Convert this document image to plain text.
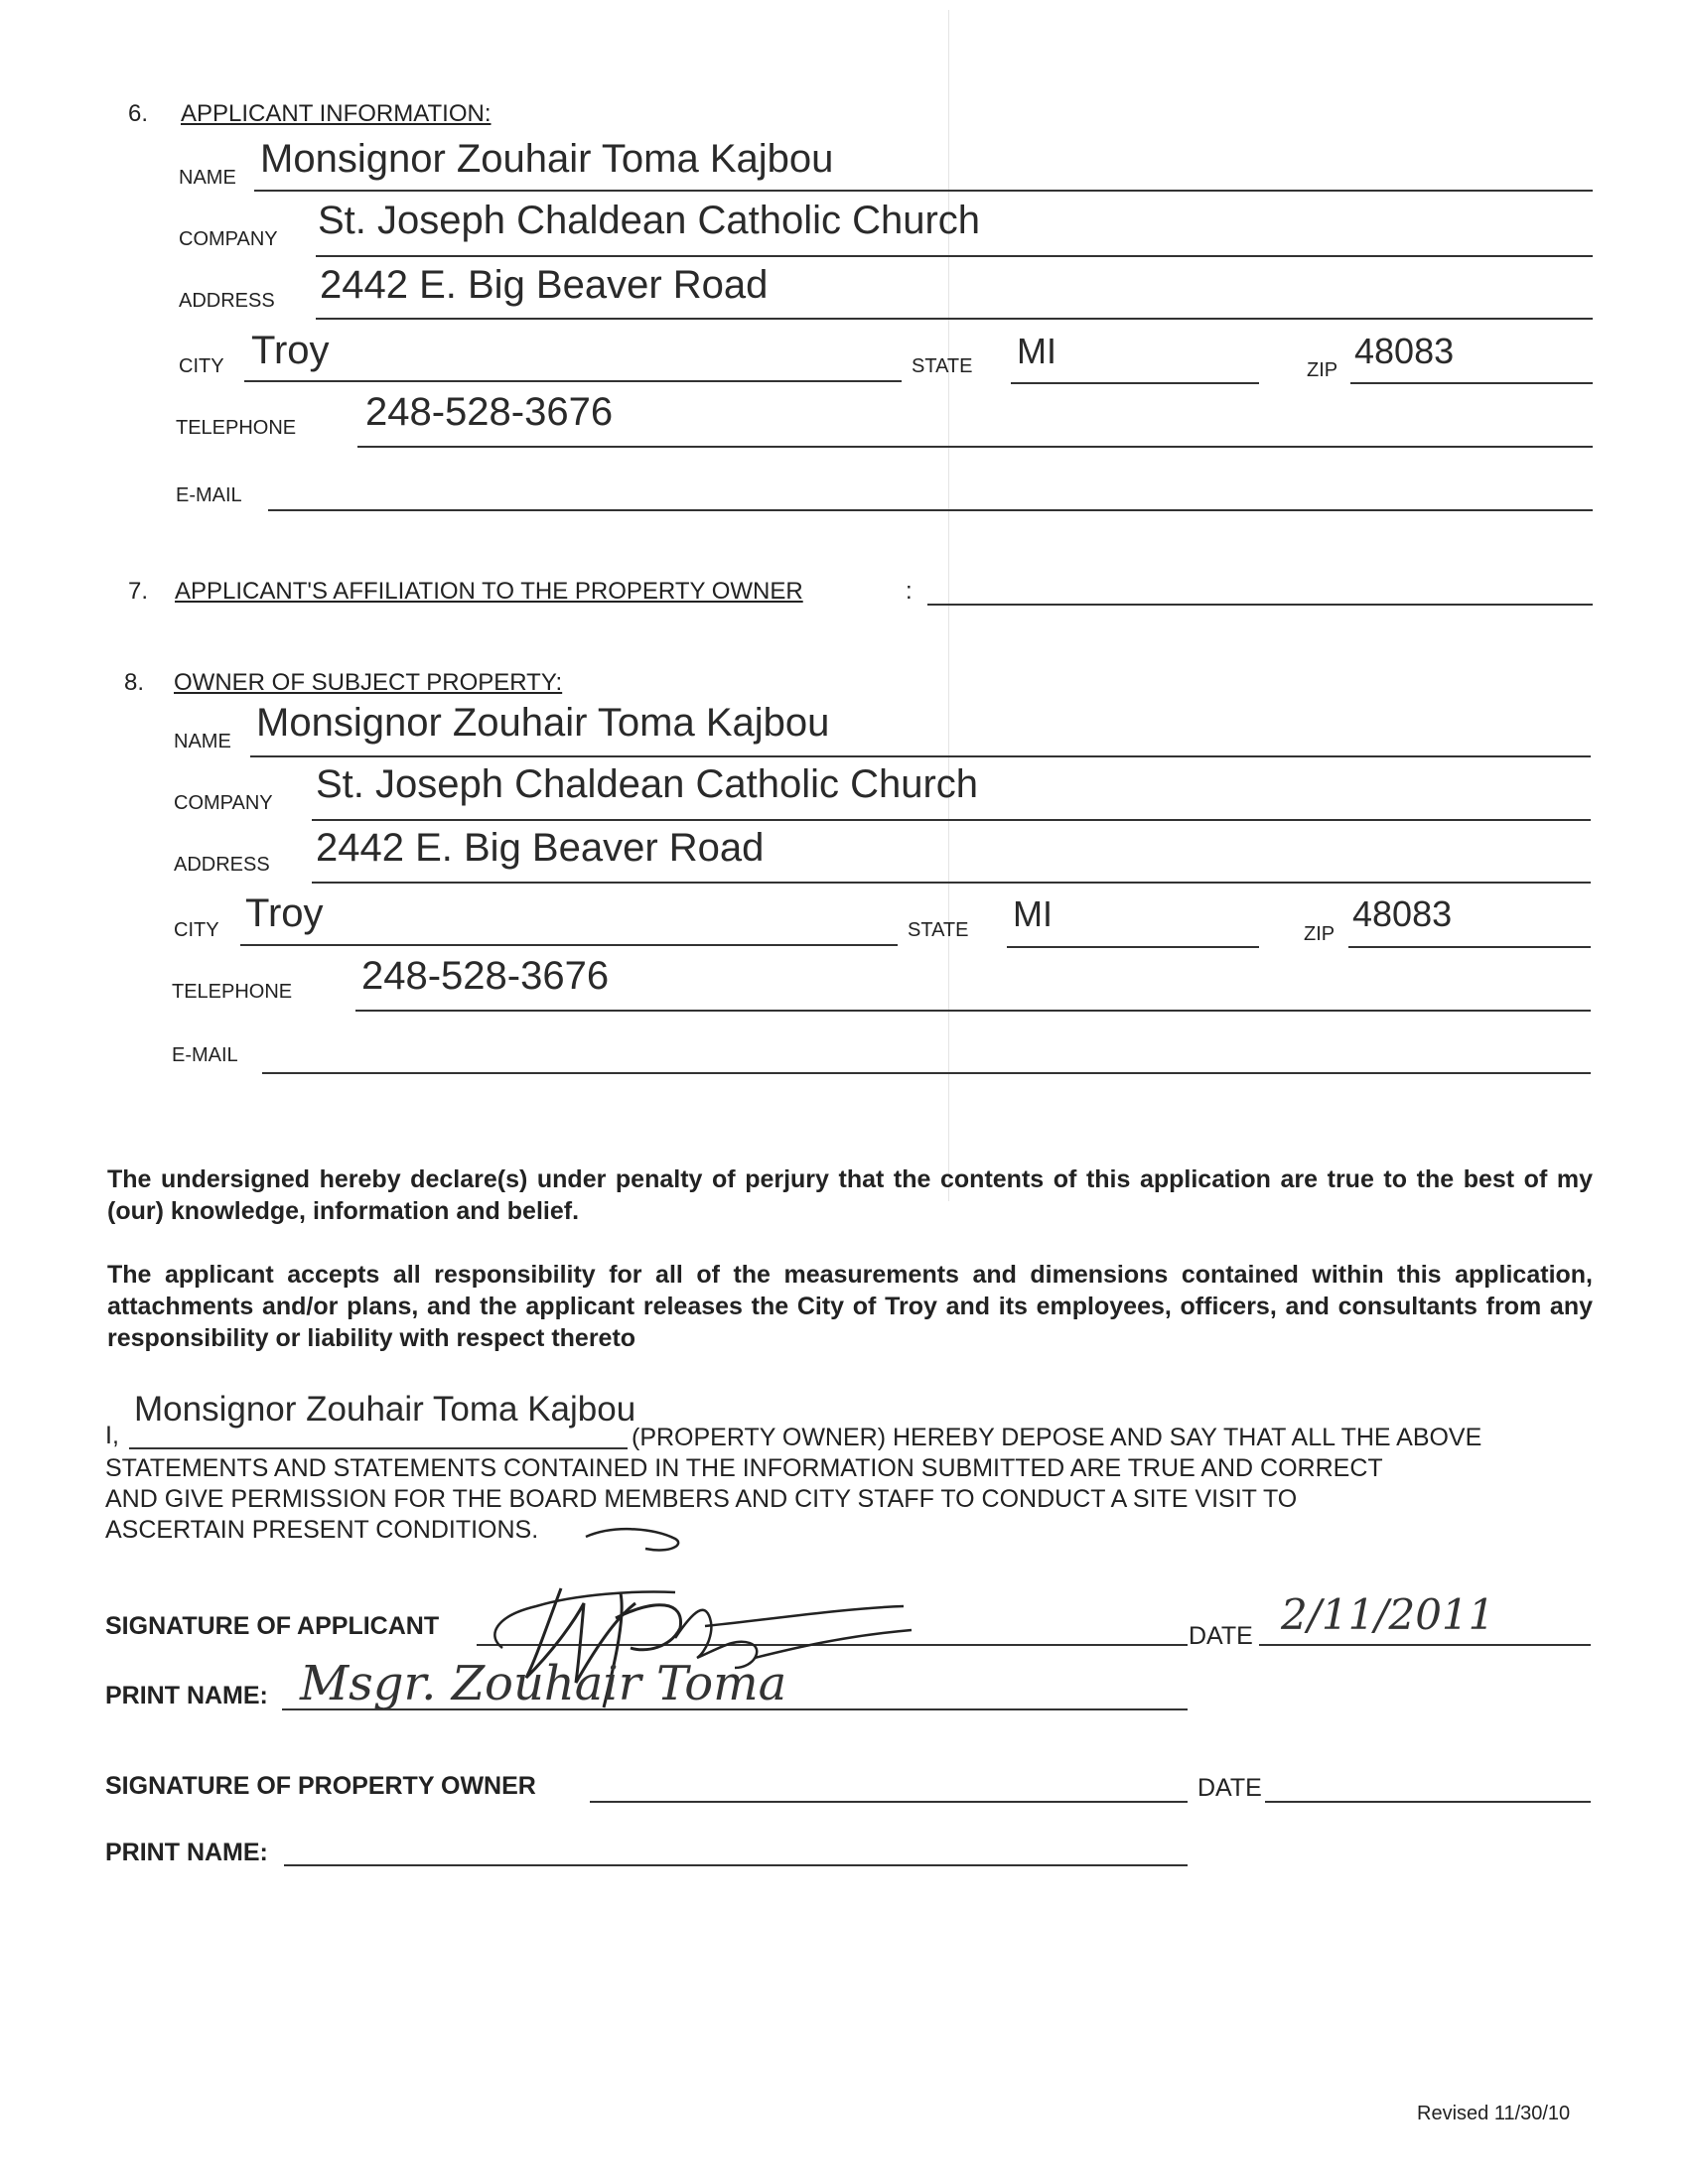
6. APPLICANT INFORMATION:
NAME Monsignor Zouhair Toma Kajbou
COMPANY St. Joseph Chaldean Catholic Church
ADDRESS 2442 E. Big Beaver Road
CITY Troy	STATE MI	ZIP 48083
TELEPHONE 248-528-3676
E-MAIL
7. APPLICANT'S AFFILIATION TO THE PROPERTY OWNER	:
8. OWNER OF SUBJECT PROPERTY:
NAME Monsignor Zouhair Toma Kajbou
COMPANY St. Joseph Chaldean Catholic Church
ADDRESS 2442 E. Big Beaver Road
CITY Troy	STATE MI	ZIP 48083
TELEPHONE 248-528-3676
E-MAIL

The undersigned hereby declare(s) under penalty of perjury that the contents of this application are true to the best of my (our) knowledge, information and belief.

The applicant accepts all responsibility for all of the measurements and dimensions contained within this application, attachments and/or plans, and the applicant releases the City of Troy and its employees, officers, and consultants from any responsibility or liability with respect thereto

I,
Monsignor Zouhair Toma Kajbou
(PROPERTY OWNER) HEREBY DEPOSE AND SAY THAT ALL THE ABOVE
STATEMENTS AND STATEMENTS CONTAINED IN THE INFORMATION SUBMITTED ARE TRUE AND CORRECT
AND GIVE PERMISSION FOR THE BOARD MEMBERS AND CITY STAFF TO CONDUCT A SITE VISIT TO
ASCERTAIN PRESENT CONDITIONS.
SIGNATURE OF APPLICANT	DATE 2/11/2011
PRINT NAME: Msgr. Zouhair Toma
SIGNATURE OF PROPERTY OWNER	DATE
PRINT NAME:
Revised 11/30/10
